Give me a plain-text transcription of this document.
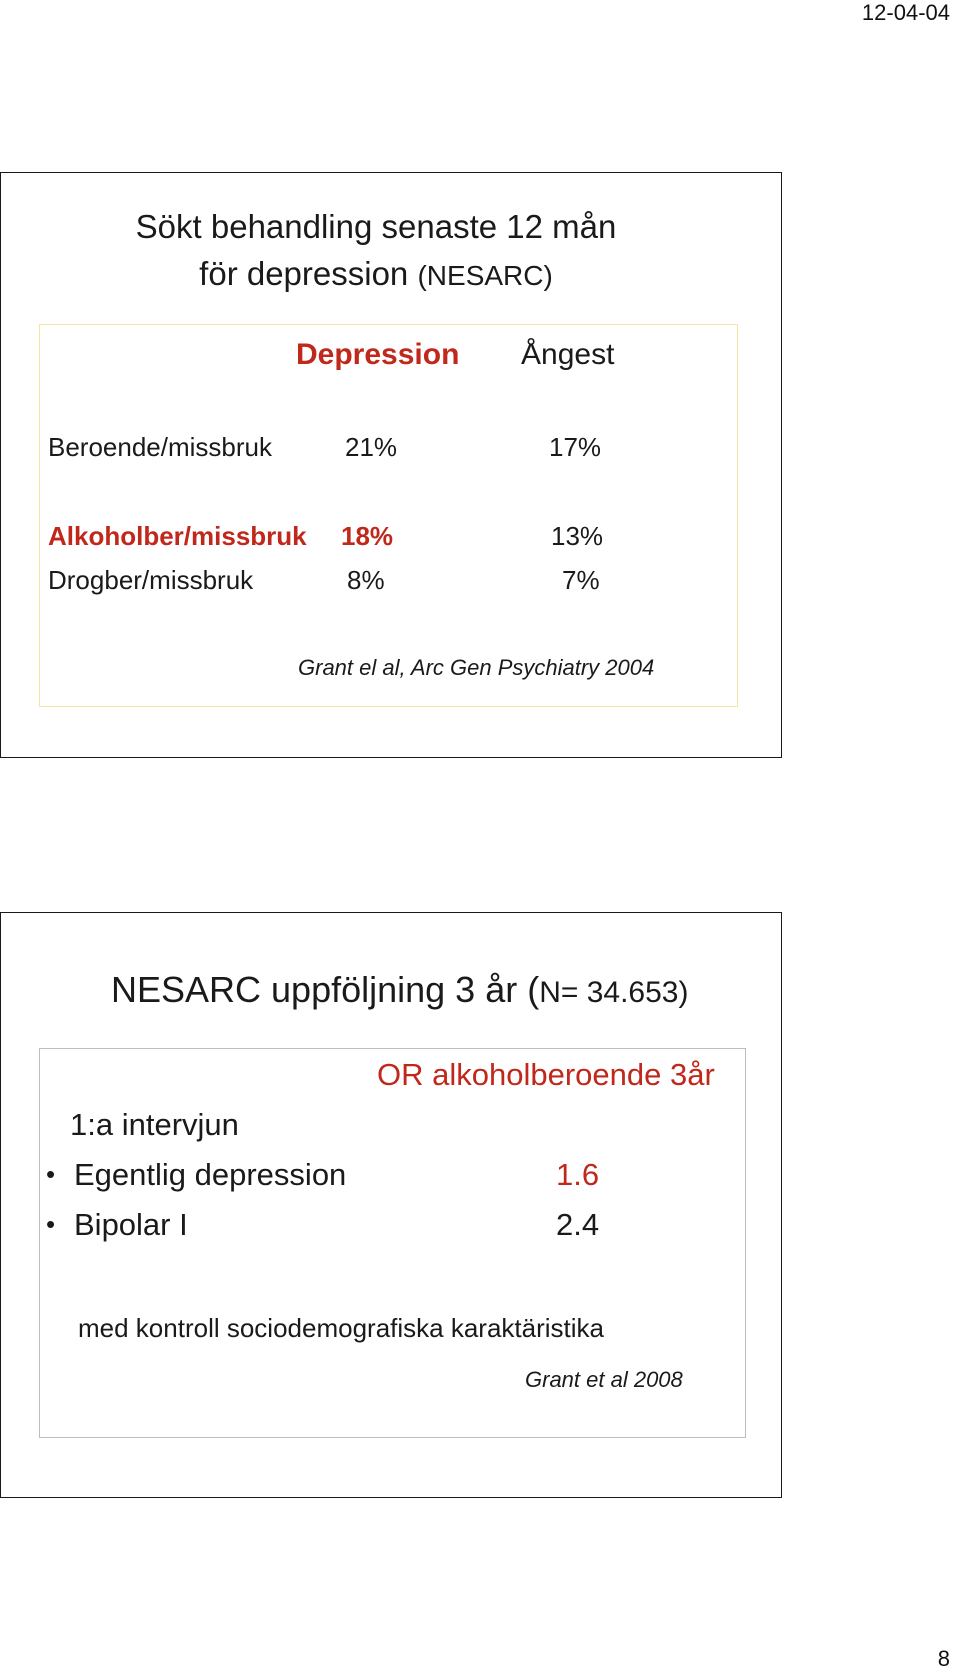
12-04-04
Sökt behandling senaste 12 mån
för depression (NESARC)
Depression Ångest
Beroende/missbruk	21%	17%
Alkoholber/missbruk 18%	13%
Drogber/missbruk	8%	7%
Grant el al, Arc Gen Psychiatry 2004
NESARC uppföljning 3 år (N= 34.653)
OR alkoholberoende 3år
1:a intervjun
• Egentlig depression	1.6
• Bipolar I	2.4
med kontroll sociodemografiska karaktäristika
Grant et al 2008
8
